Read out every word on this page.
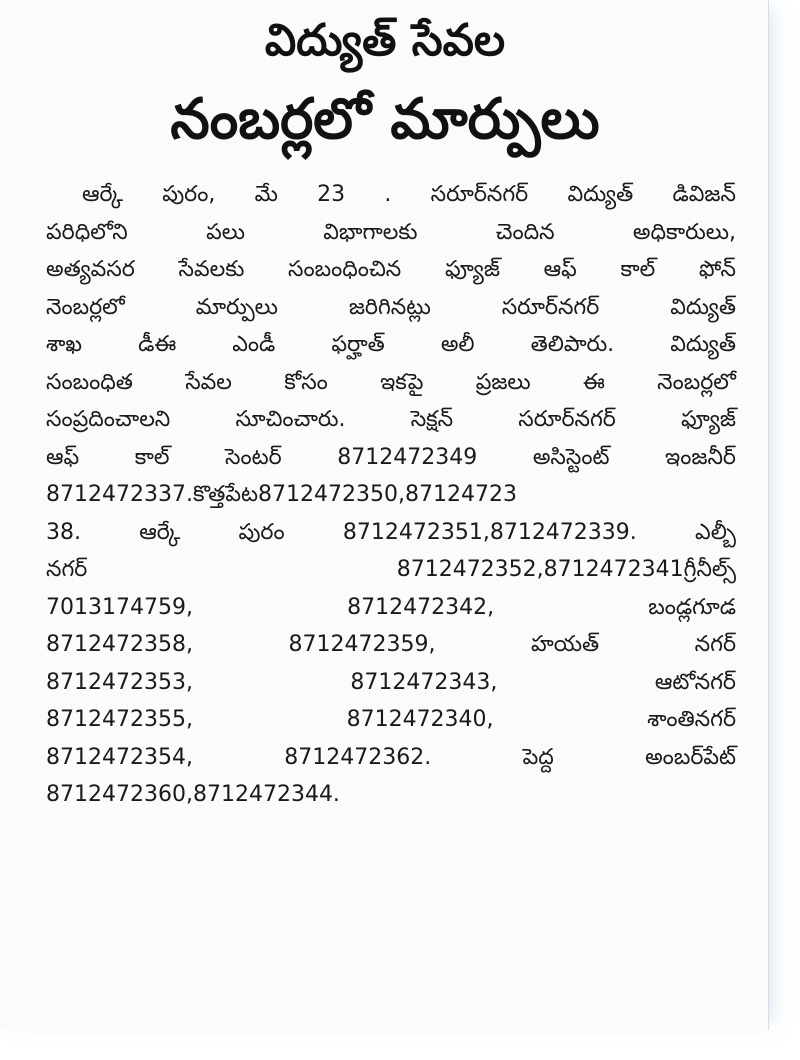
విద్యుత్ సేవల
నంబర్లలో మార్పులు
ఆర్కే పురం, మే 23 . సరూర్‌నగర్ విద్యుత్ డివిజన్
పరిధిలోని	పలు	విభాగాలకు	చెందిన	అధికారులు,
అత్యవసర సేవలకు సంబంధించిన ఫ్యూజ్ ఆఫ్ కాల్ ఫోన్
నెంబర్లలో	మార్పులు	జరిగినట్లు	సరూర్‌నగర్	విద్యుత్
శాఖ	డీఈ	ఎండీ	ఫర్హాత్	అలీ	తెలిపారు.	విద్యుత్
సంబంధిత సేవల కోసం ఇకపై ప్రజలు ఈ నెంబర్లలో
సంప్రదించాలని	సూచించారు.	సెక్షన్	సరూర్‌నగర్	ఫ్యూజ్
ఆఫ్	కాల్	సెంటర్	8712472349	అసిస్టెంట్	ఇంజనీర్
8712472337.కొత్తపేట8712472350,87124723
38.	ఆర్కే	పురం	8712472351,8712472339.	ఎల్బీ
నగర్	8712472352,8712472341గ్రీనీల్స్
7013174759,	8712472342,	బండ్లగూడ
8712472358,	8712472359,	హయత్	నగర్
8712472353,	8712472343,	ఆటోనగర్
8712472355,	8712472340,	శాంతినగర్
8712472354,	8712472362.	పెద్ద	అంబర్‌పేట్
8712472360,8712472344.
